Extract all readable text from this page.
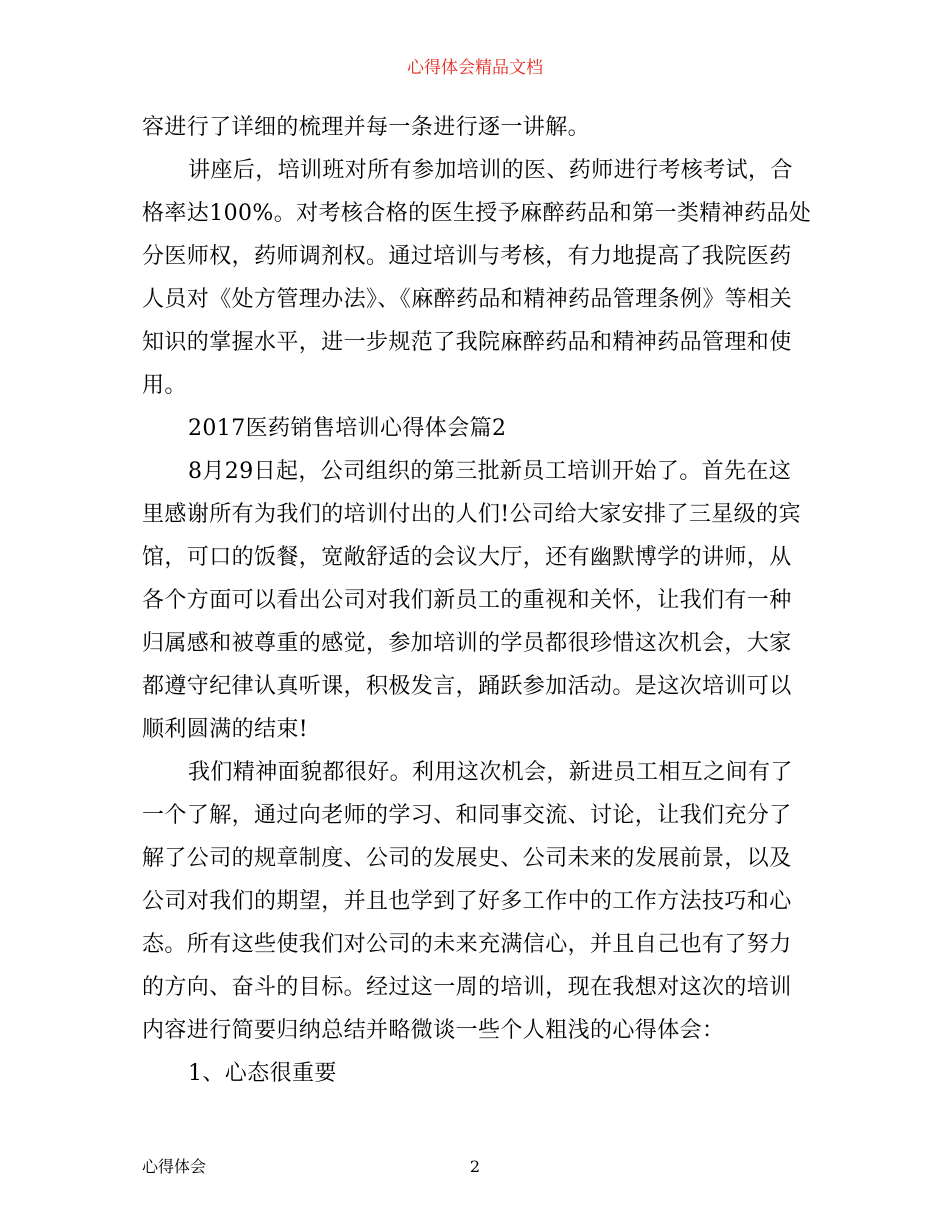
心得体会精品文档

容进行了详细的梳理并每一条进行逐一讲解。

讲座后，培训班对所有参加培训的医、药师进行考核考试，合格率达100%。对考核合格的医生授予麻醉药品和第一类精神药品处分医师权，药师调剂权。通过培训与考核，有力地提高了我院医药人员对《处方管理办法》、《麻醉药品和精神药品管理条例》等相关知识的掌握水平，进一步规范了我院麻醉药品和精神药品管理和使用。

2017医药销售培训心得体会篇2

8月29日起，公司组织的第三批新员工培训开始了。首先在这里感谢所有为我们的培训付出的人们!公司给大家安排了三星级的宾馆，可口的饭餐，宽敞舒适的会议大厅，还有幽默博学的讲师，从各个方面可以看出公司对我们新员工的重视和关怀，让我们有一种归属感和被尊重的感觉，参加培训的学员都很珍惜这次机会，大家都遵守纪律认真听课，积极发言，踊跃参加活动。是这次培训可以顺利圆满的结束!

我们精神面貌都很好。利用这次机会，新进员工相互之间有了一个了解，通过向老师的学习、和同事交流、讨论，让我们充分了解了公司的规章制度、公司的发展史、公司未来的发展前景，以及公司对我们的期望，并且也学到了好多工作中的工作方法技巧和心态。所有这些使我们对公司的未来充满信心，并且自己也有了努力的方向、奋斗的目标。经过这一周的培训，现在我想对这次的培训内容进行简要归纳总结并略微谈一些个人粗浅的心得体会：

1、心态很重要

心得体会	2
